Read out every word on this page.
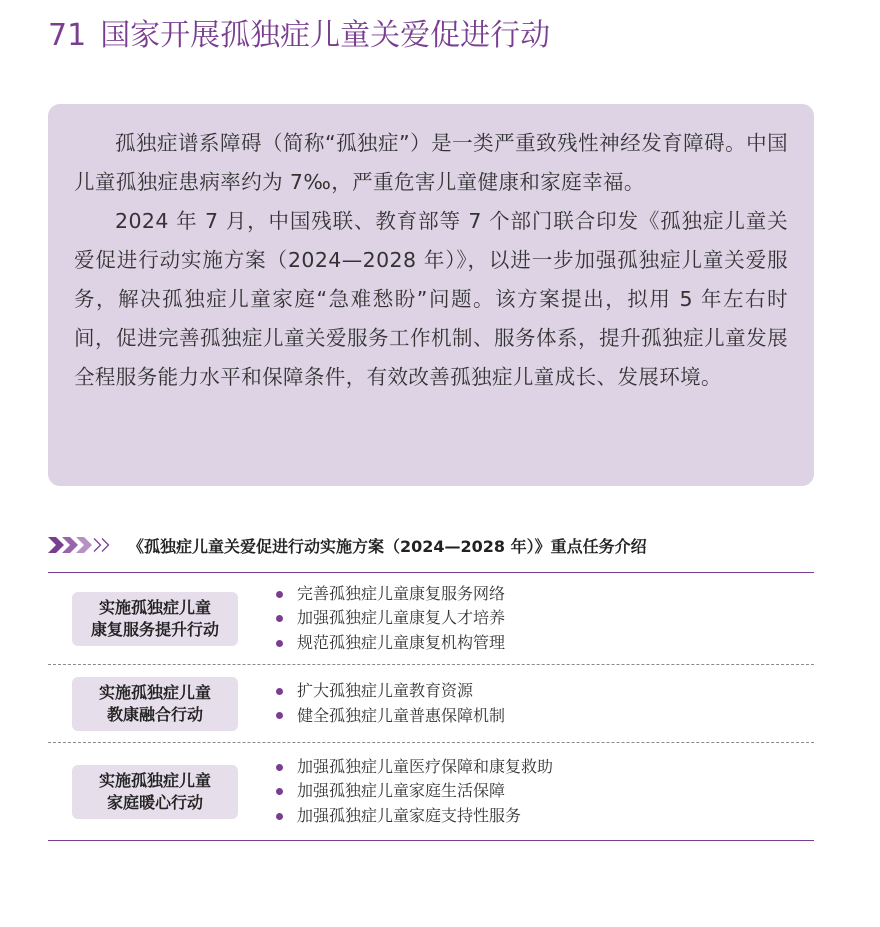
71 国家开展孤独症儿童关爱促进行动

孤独症谱系障碍（简称“孤独症”）是一类严重致残性神经发育障碍。中国儿童孤独症患病率约为 7‰，严重危害儿童健康和家庭幸福。

2024 年 7 月，中国残联、教育部等 7 个部门联合印发《孤独症儿童关爱促进行动实施方案（2024—2028 年）》，以进一步加强孤独症儿童关爱服务，解决孤独症儿童家庭“急难愁盼”问题。该方案提出，拟用 5 年左右时间，促进完善孤独症儿童关爱服务工作机制、服务体系，提升孤独症儿童发展全程服务能力水平和保障条件，有效改善孤独症儿童成长、发展环境。

《孤独症儿童关爱促进行动实施方案（2024—2028 年）》重点任务介绍
实施孤独症儿童
康复服务提升行动
完善孤独症儿童康复服务网络
加强孤独症儿童康复人才培养
规范孤独症儿童康复机构管理
实施孤独症儿童
教康融合行动
扩大孤独症儿童教育资源
健全孤独症儿童普惠保障机制
实施孤独症儿童
家庭暖心行动
加强孤独症儿童医疗保障和康复救助
加强孤独症儿童家庭生活保障
加强孤独症儿童家庭支持性服务
